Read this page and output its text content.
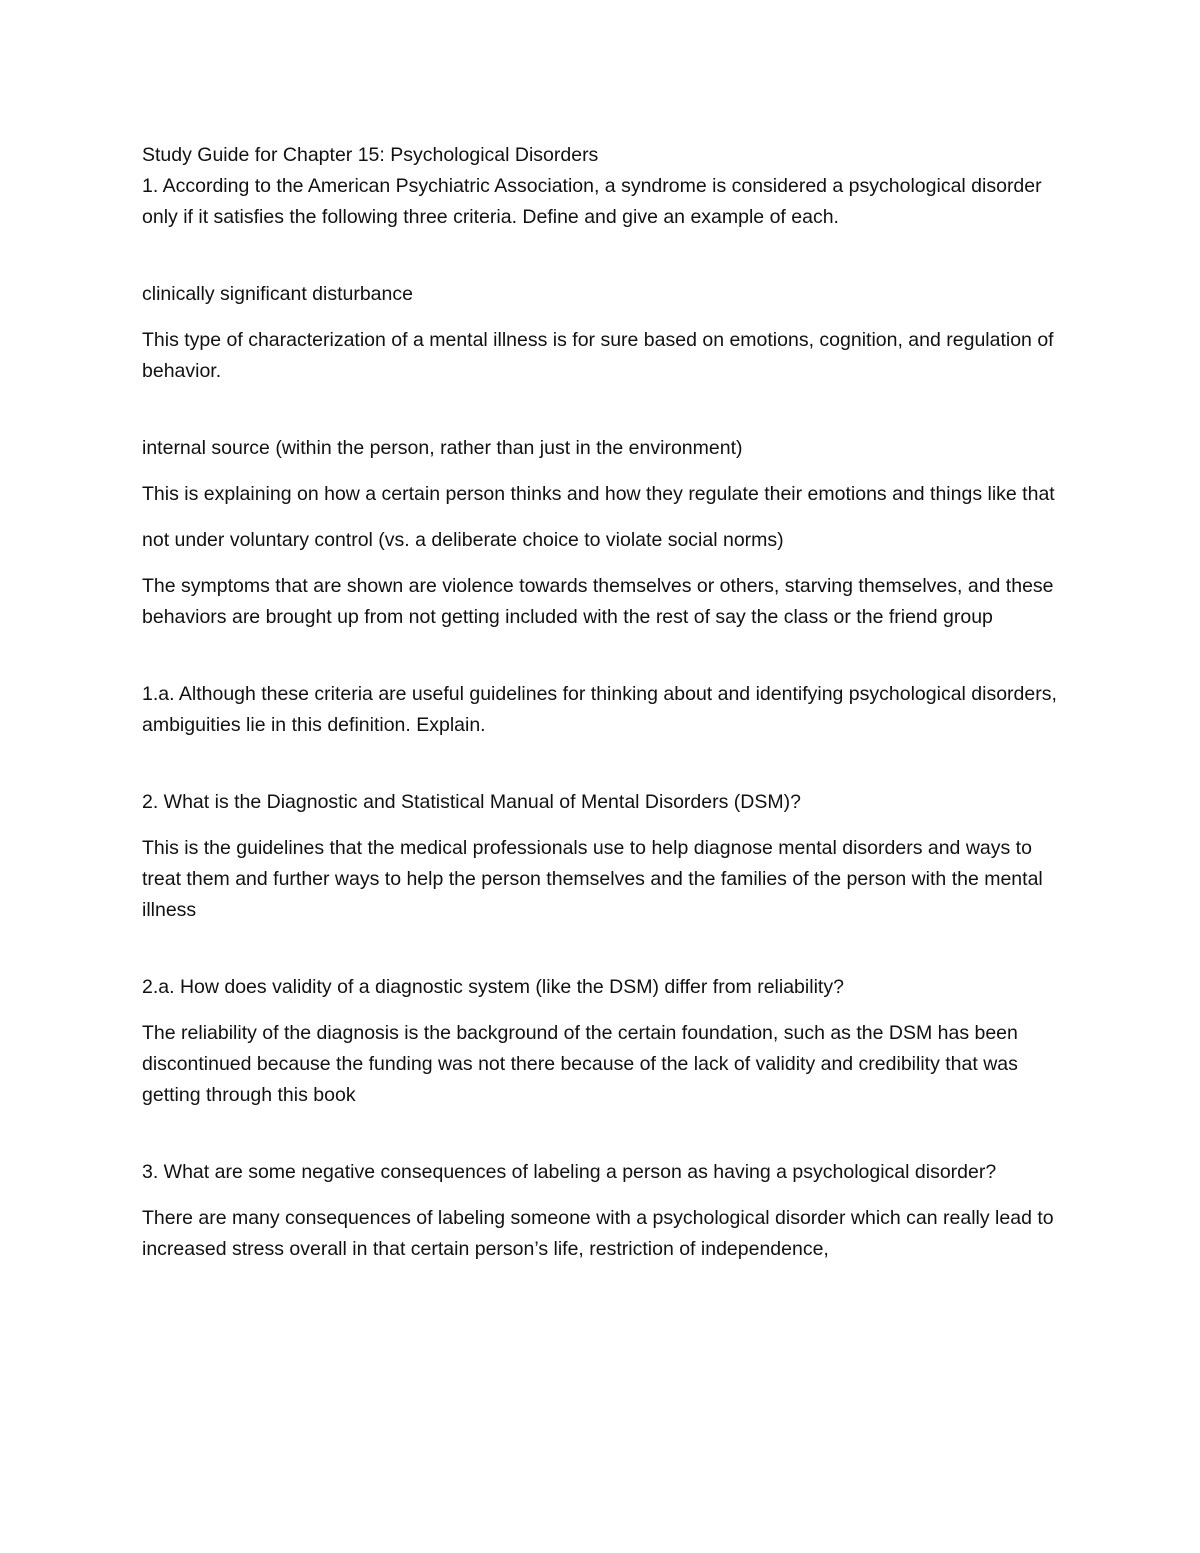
Study Guide for Chapter 15: Psychological Disorders

1. According to the American Psychiatric Association, a syndrome is considered a psychological disorder only if it satisfies the following three criteria. Define and give an example of each.

clinically significant disturbance

This type of characterization of a mental illness is for sure based on emotions, cognition, and regulation of behavior.

internal source (within the person, rather than just in the environment)

This is explaining on how a certain person thinks and how they regulate their emotions and things like that

not under voluntary control (vs. a deliberate choice to violate social norms)

The symptoms that are shown are violence towards themselves or others, starving themselves, and these behaviors are brought up from not getting included with the rest of say the class or the friend group

1.a. Although these criteria are useful guidelines for thinking about and identifying psychological disorders, ambiguities lie in this definition. Explain.

2. What is the Diagnostic and Statistical Manual of Mental Disorders (DSM)?

This is the guidelines that the medical professionals use to help diagnose mental disorders and ways to treat them and further ways to help the person themselves and the families of the person with the mental illness

2.a. How does validity of a diagnostic system (like the DSM) differ from reliability?

The reliability of the diagnosis is the background of the certain foundation, such as the DSM has been discontinued because the funding was not there because of the lack of validity and credibility that was getting through this book

3. What are some negative consequences of labeling a person as having a psychological disorder?

There are many consequences of labeling someone with a psychological disorder which can really lead to increased stress overall in that certain person’s life, restriction of independence,
